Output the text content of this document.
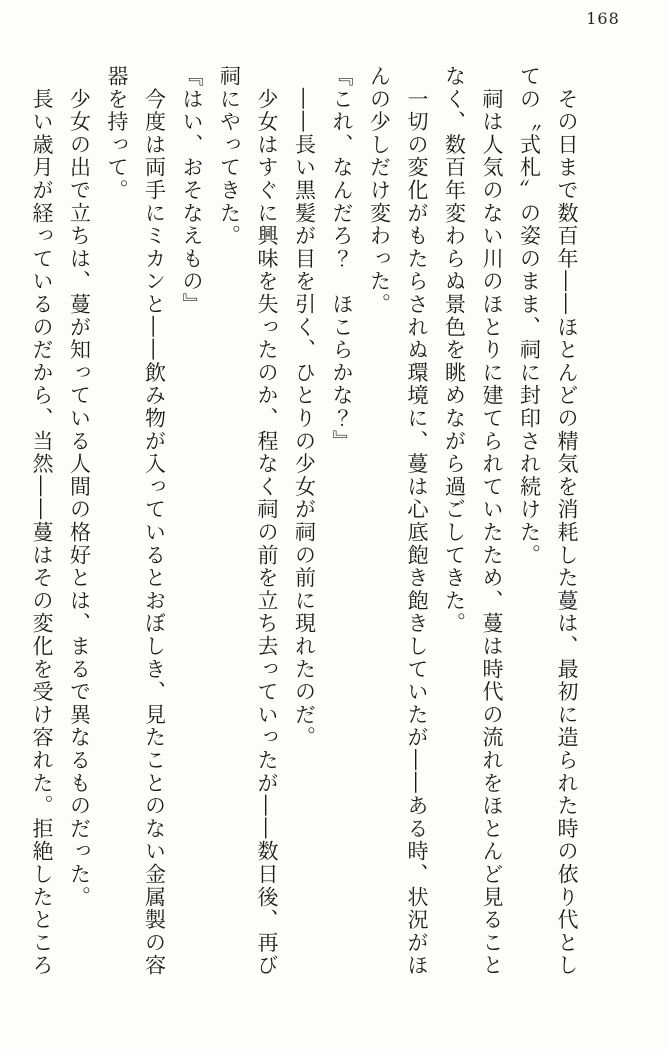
168

　その日まで数百年――ほとんどの精気を消耗した蔓は、最初に造られた時の依り代とし

ての〝式札〟の姿のまま、祠に封印され続けた。

　祠は人気のない川のほとりに建てられていたため、蔓は時代の流れをほとんど見ること

なく、数百年変わらぬ景色を眺めながら過ごしてきた。

　一切の変化がもたらされぬ環境に、蔓は心底飽き飽きしていたが――ある時、状況がほ

んの少しだけ変わった。

『これ、なんだろ？　ほこらかな？』

　――長い黒髪が目を引く、ひとりの少女が祠の前に現れたのだ。

　少女はすぐに興味を失ったのか、程なく祠の前を立ち去っていったが――数日後、再び

祠にやってきた。

『はい、おそなえもの』

　今度は両手にミカンと――飲み物が入っているとおぼしき、見たことのない金属製の容

器を持って。

　少女の出で立ちは、蔓が知っている人間の格好とは、まるで異なるものだった。

　長い歳月が経っているのだから、当然――蔓はその変化を受け容れた。拒絶したところ
